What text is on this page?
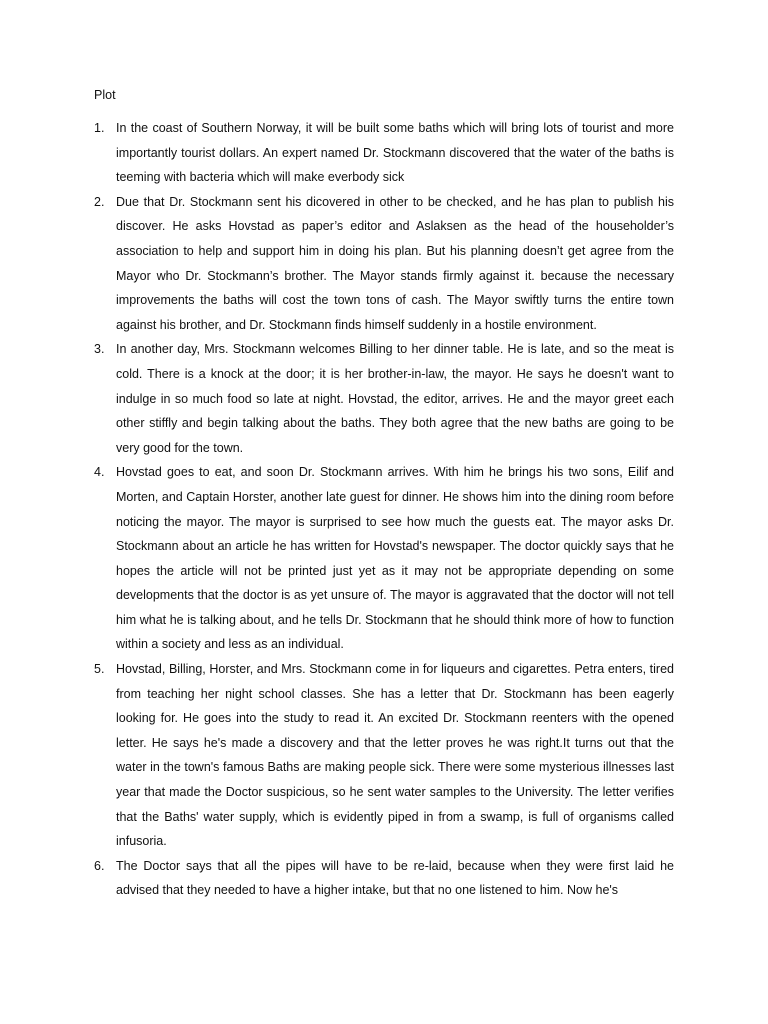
Plot
1. In the coast of Southern Norway, it will be built some baths which will bring lots of tourist and more importantly tourist dollars. An expert named Dr. Stockmann discovered that the water of the baths is teeming with bacteria which will make everbody sick
2. Due that Dr. Stockmann sent his dicovered in other to be checked, and he has plan to publish his discover. He asks Hovstad as paper’s editor and Aslaksen as the head of the householder’s association to help and support him in doing his plan. But his planning doesn’t get agree from the Mayor who Dr. Stockmann’s brother. The Mayor stands firmly against it. because the necessary improvements the baths will cost the town tons of cash. The Mayor swiftly turns the entire town against his brother, and Dr. Stockmann finds himself suddenly in a hostile environment.
3. In another day, Mrs. Stockmann welcomes Billing to her dinner table. He is late, and so the meat is cold. There is a knock at the door; it is her brother-in-law, the mayor. He says he doesn't want to indulge in so much food so late at night. Hovstad, the editor, arrives. He and the mayor greet each other stiffly and begin talking about the baths. They both agree that the new baths are going to be very good for the town.
4. Hovstad goes to eat, and soon Dr. Stockmann arrives. With him he brings his two sons, Eilif and Morten, and Captain Horster, another late guest for dinner. He shows him into the dining room before noticing the mayor. The mayor is surprised to see how much the guests eat. The mayor asks Dr. Stockmann about an article he has written for Hovstad's newspaper. The doctor quickly says that he hopes the article will not be printed just yet as it may not be appropriate depending on some developments that the doctor is as yet unsure of. The mayor is aggravated that the doctor will not tell him what he is talking about, and he tells Dr. Stockmann that he should think more of how to function within a society and less as an individual.
5. Hovstad, Billing, Horster, and Mrs. Stockmann come in for liqueurs and cigarettes. Petra enters, tired from teaching her night school classes. She has a letter that Dr. Stockmann has been eagerly looking for. He goes into the study to read it. An excited Dr. Stockmann reenters with the opened letter. He says he's made a discovery and that the letter proves he was right.It turns out that the water in the town's famous Baths are making people sick. There were some mysterious illnesses last year that made the Doctor suspicious, so he sent water samples to the University. The letter verifies that the Baths' water supply, which is evidently piped in from a swamp, is full of organisms called infusoria.
6. The Doctor says that all the pipes will have to be re-laid, because when they were first laid he advised that they needed to have a higher intake, but that no one listened to him. Now he's
